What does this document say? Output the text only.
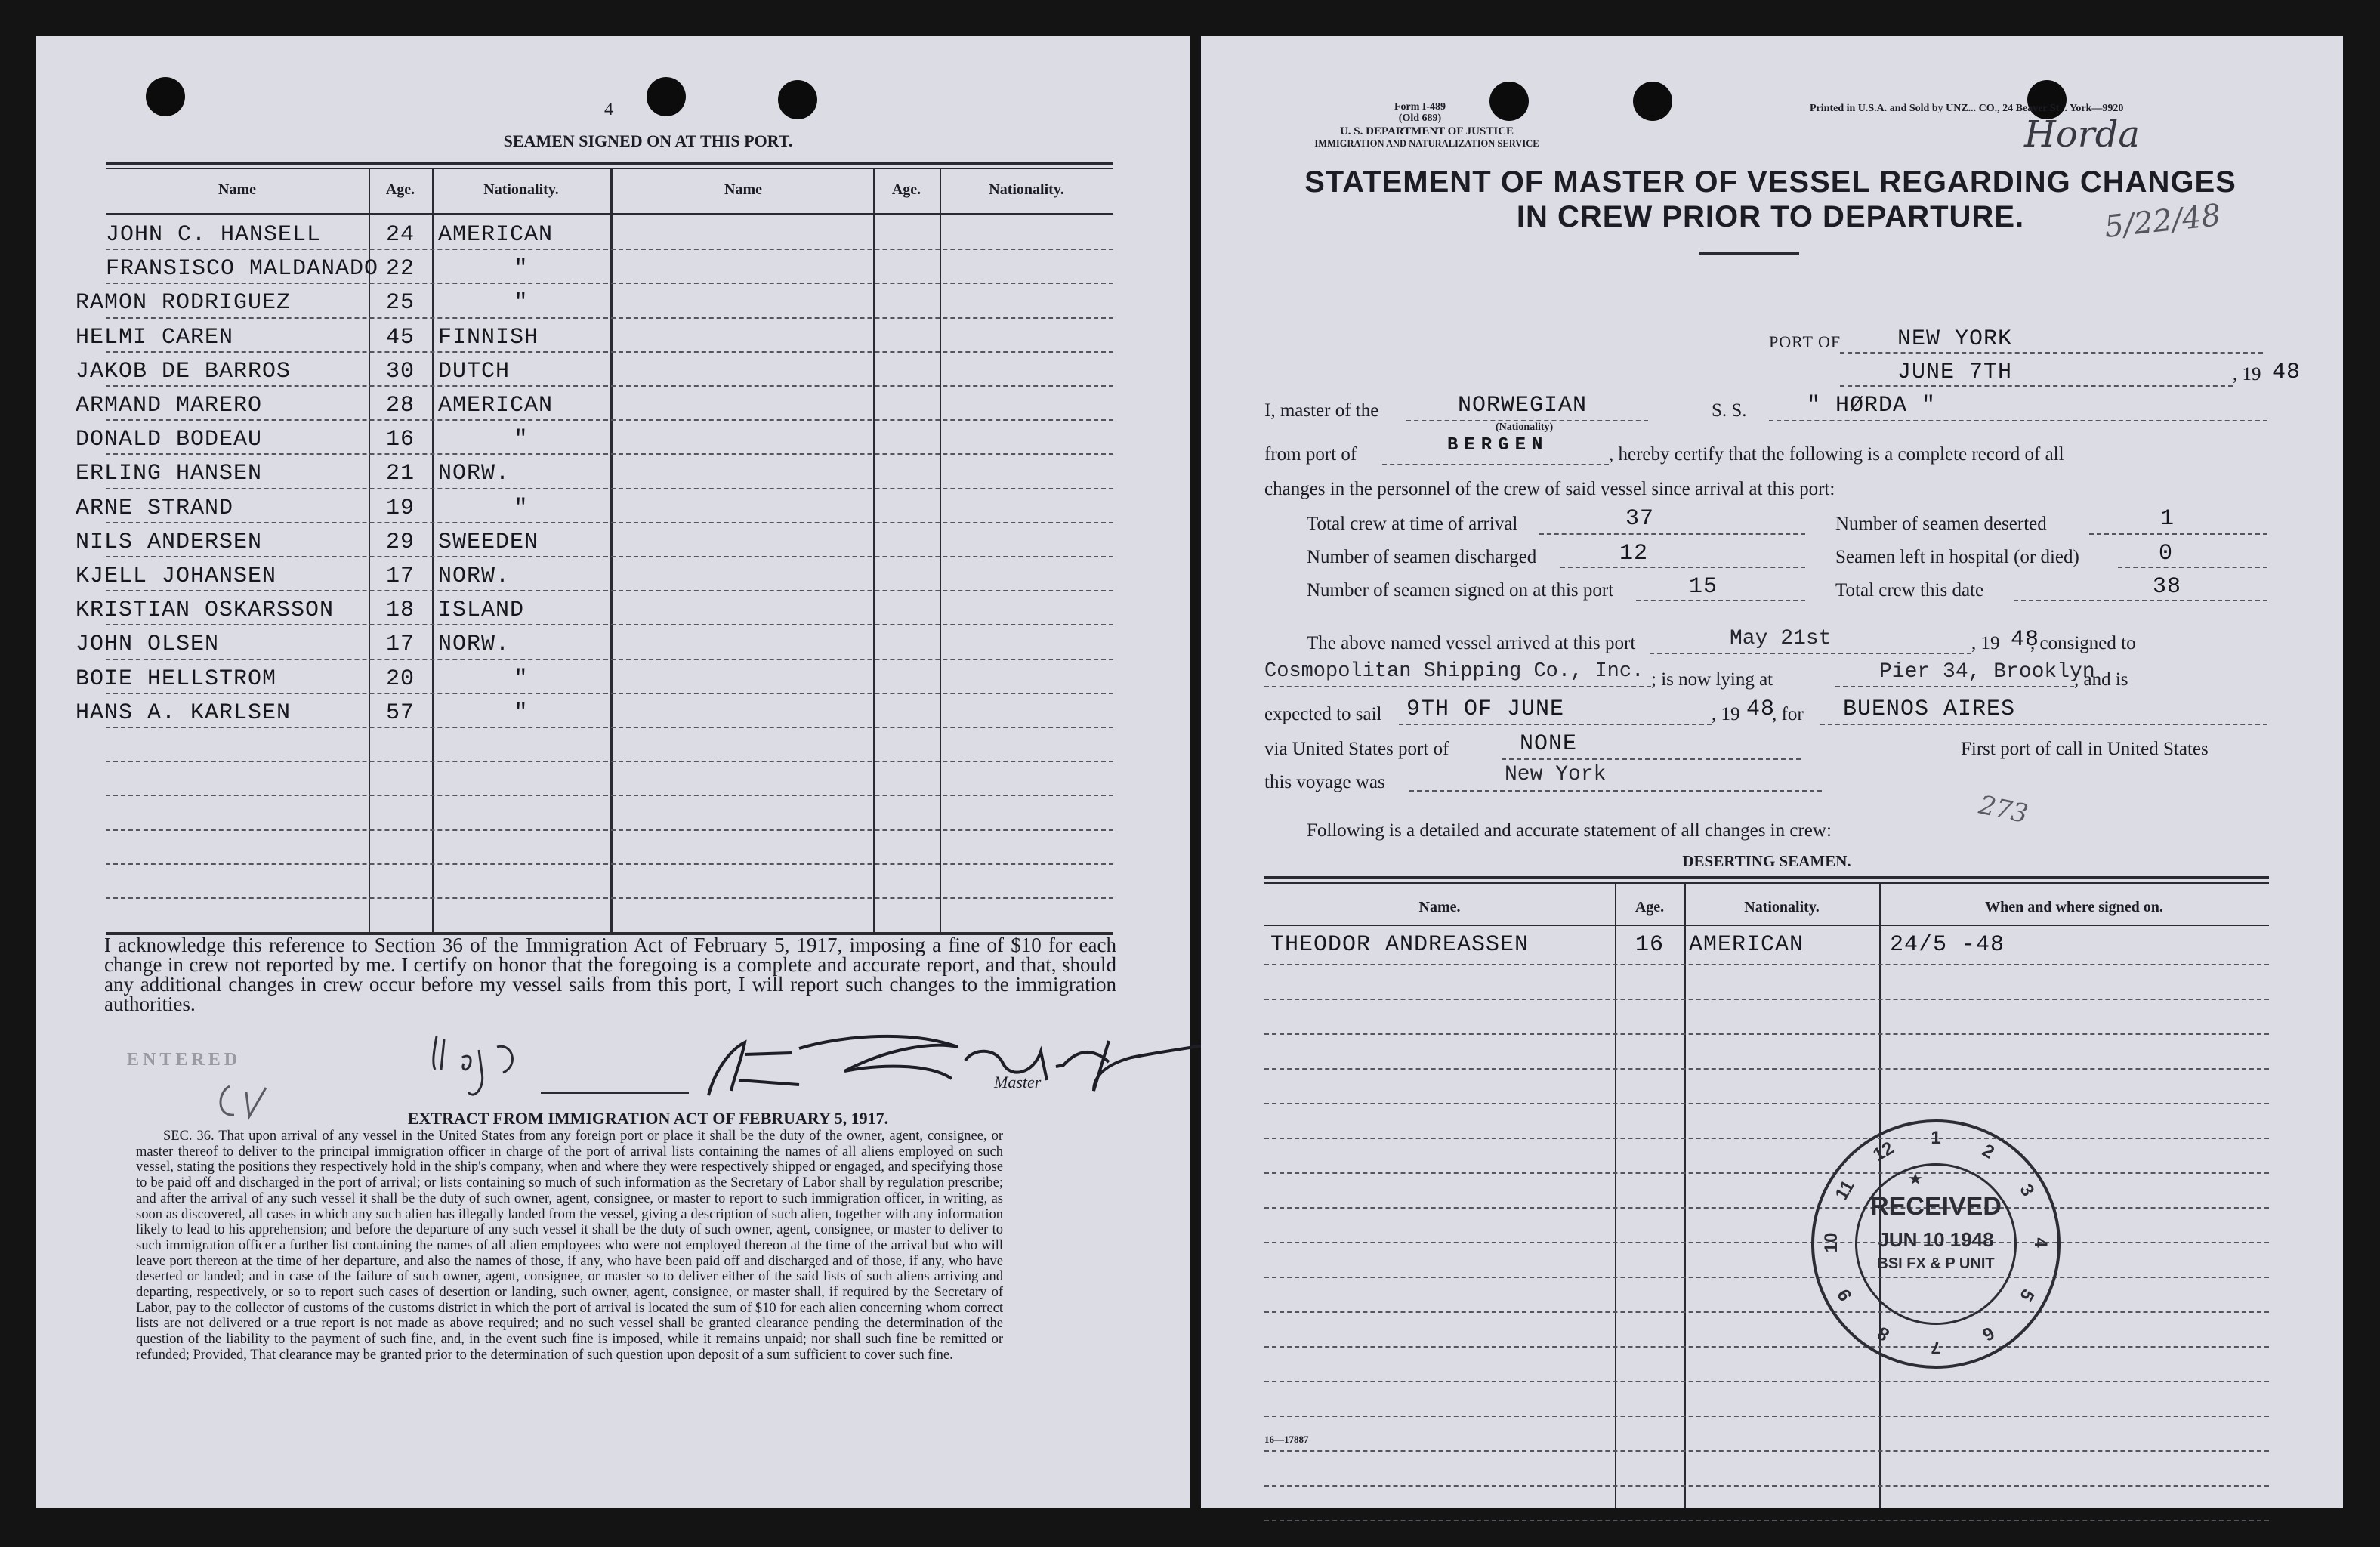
4
SEAMEN SIGNED ON AT THIS PORT.
Name	Age.	Nationality.	Name	Age.	Nationality.
JOHN C. HANSELL	24	AMERICAN
FRANSISCO MALDANADO 22	"
RAMON RODRIGUEZ	25	"
HELMI CAREN	45	FINNISH
JAKOB DE BARROS	30	DUTCH
ARMAND MARERO	28	AMERICAN
DONALD BODEAU	16	"
ERLING HANSEN	21	NORW.
ARNE STRAND	19	"
NILS ANDERSEN	29	SWEEDEN
KJELL JOHANSEN	17	NORW.
KRISTIAN OSKARSSON	18	ISLAND
JOHN OLSEN	17	NORW.
BOIE HELLSTROM	20	"
HANS A. KARLSEN	57	"
I acknowledge this reference to Section 36 of the Immigration Act of February 5, 1917, imposing a fine of $10 for each change in crew not reported by me. I certify on honor that the foregoing is a complete and accurate report, and that, should any additional changes in crew occur before my vessel sails from this port, I will report such changes to the immigration authorities.
Master
ENTERED
EXTRACT FROM IMMIGRATION ACT OF FEBRUARY 5, 1917.
SEC. 36. That upon arrival of any vessel in the United States from any foreign port or place it shall be the duty of the owner, agent, consignee, or master thereof to deliver to the principal immigration officer in charge of the port of arrival lists containing the names of all aliens employed on such vessel, stating the positions they respectively hold in the ship's company, when and where they were respectively shipped or engaged, and specifying those to be paid off and discharged in the port of arrival; or lists containing so much of such information as the Secretary of Labor shall by regulation prescribe; and after the arrival of any such vessel it shall be the duty of such owner, agent, consignee, or master to report to such immigration officer, in writing, as soon as discovered, all cases in which any such alien has illegally landed from the vessel, giving a description of such alien, together with any information likely to lead to his apprehension; and before the departure of any such vessel it shall be the duty of such owner, agent, consignee, or master to deliver to such immigration officer a further list containing the names of all alien employees who were not employed thereon at the time of the arrival but who will leave port thereon at the time of her departure, and also the names of those, if any, who have been paid off and discharged and of those, if any, who have deserted or landed; and in case of the failure of such owner, agent, consignee, or master so to deliver either of the said lists of such aliens arriving and departing, respectively, or so to report such cases of desertion or landing, such owner, agent, consignee, or master shall, if required by the Secretary of Labor, pay to the collector of customs of the customs district in which the port of arrival is located the sum of $10 for each alien concerning whom correct lists are not delivered or a true report is not made as above required; and no such vessel shall be granted clearance pending the determination of the question of the liability to the payment of such fine, and, in the event such fine is imposed, while it remains unpaid; nor shall such fine be remitted or refunded; Provided, That clearance may be granted prior to the determination of such question upon deposit of a sum sufficient to cover such fine.
Form I-489
(Old 689)
U. S. DEPARTMENT OF JUSTICE
IMMIGRATION AND NATURALIZATION SERVICE
Printed in U.S.A. and Sold by UNZ... CO., 24 Beaver St... York—9920
Horda
5/22/48
STATEMENT OF MASTER OF VESSEL REGARDING CHANGES
IN CREW PRIOR TO DEPARTURE.
PORT OF NEW YORK
JUNE 7TH	, 19 48
I, master of the	NORWEGIAN
(Nationality)
S. S.	" HØRDA "
from port of	BERGEN	, hereby certify that the following is a complete record of all
changes in the personnel of the crew of said vessel since arrival at this port:
Total crew at time of arrival	37	Number of seamen deserted	1
Number of seamen discharged	12	Seamen left in hospital (or died)	0
Number of seamen signed on at this port	15	Total crew this date	38
The above named vessel arrived at this port	May 21st	, 19 48
, consigned to
Cosmopolitan Shipping Co., Inc. ; is now lying at	Pier 34, Brooklyn
, and is
expected to sail 9TH OF JUNE	, 19 48
, for BUENOS AIRES
via United States port of	NONE	First port of call in United States
this voyage was	New York
Following is a detailed and accurate statement of all changes in crew:
273
DESERTING SEAMEN.
Name.	Age.	Nationality.	When and where signed on.
THEODOR ANDREASSEN	16	AMERICAN	24/5 -48
1
2
3
4
5
6
7
8
9
10
11
12
★
RECEIVED
JUN 10 1948
BSI FX & P UNIT
16—17887
